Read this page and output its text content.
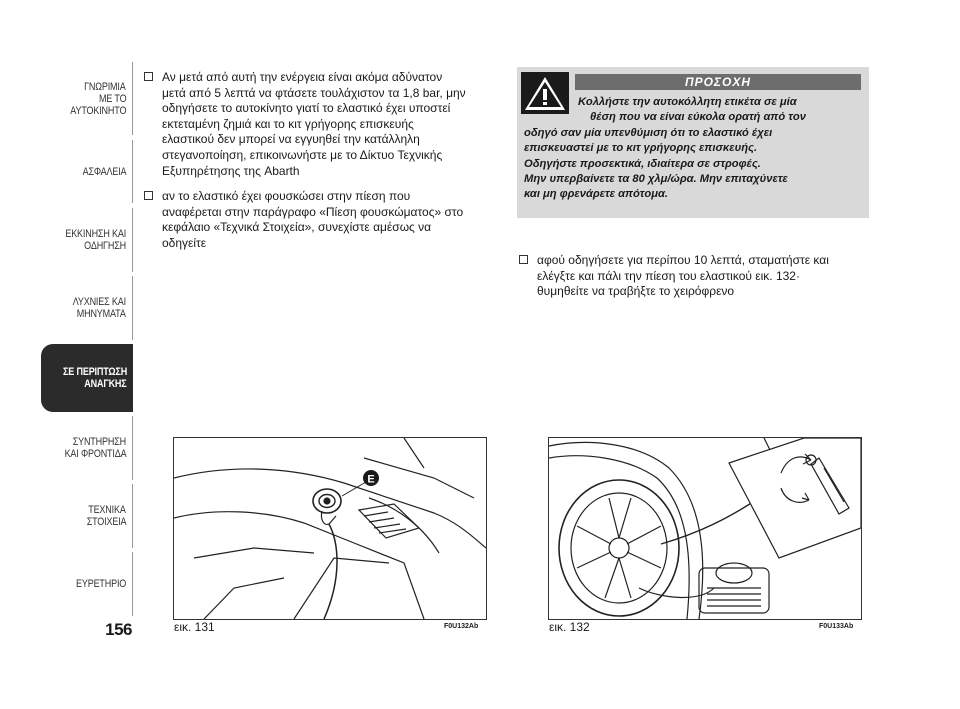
ΓΝΩΡΙΜΙΑ
ΜΕ ΤΟ
ΑΥΤΟΚΙΝΗΤΟ
ΑΣΦΑΛΕΙΑ
ΕΚΚΙΝΗΣΗ ΚΑΙ
ΟΔΗΓΗΣΗ
ΛΥΧΝΙΕΣ ΚΑΙ
ΜΗΝΥΜΑΤΑ
ΣΕ ΠΕΡΙΠΤΩΣΗ
ΑΝΑΓΚΗΣ
ΣΥΝΤΗΡΗΣΗ
ΚΑΙ ΦΡΟΝΤΙΔΑ
ΤΕΧΝΙΚΑ
ΣΤΟΙΧΕΙΑ
ΕΥΡΕΤΗΡΙΟ
156
Αν μετά από αυτή την ενέργεια είναι ακόμα αδύνατον
μετά από 5 λεπτά να φτάσετε τουλάχιστον τα 1,8 bar, μην
οδηγήσετε το αυτοκίνητο γιατί το ελαστικό έχει υποστεί
εκτεταμένη ζημιά και το κιτ γρήγορης επισκευής
ελαστικού δεν μπορεί να εγγυηθεί την κατάλληλη
στεγανοποίηση, επικοινωνήστε με το Δίκτυο Τεχνικής
Εξυπηρέτησης της Abarth
αν το ελαστικό έχει φουσκώσει στην πίεση που
αναφέρεται στην παράγραφο «Πίεση φουσκώματος» στο
κεφάλαιο «Τεχνικά Στοιχεία», συνεχίστε αμέσως να
οδηγείτε
ΠΡΟΣΟΧΗ
Κολλήστε την αυτοκόλλητη ετικέτα σε μία
θέση που να είναι εύκολα ορατή από τον
οδηγό σαν μία υπενθύμιση ότι το ελαστικό έχει
επισκευαστεί με το κιτ γρήγορης επισκευής.
Οδηγήστε προσεκτικά, ιδιαίτερα σε στροφές.
Μην υπερβαίνετε τα 80 χλμ/ώρα. Μην επιταχύνετε
και μη φρενάρετε απότομα.
αφού οδηγήσετε για περίπου 10 λεπτά, σταματήστε και
ελέγξτε και πάλι την πίεση του ελαστικού εικ. 132·
θυμηθείτε να τραβήξτε το χειρόφρενο
E
εικ. 131	F0U132Ab	εικ. 132	F0U133Ab
